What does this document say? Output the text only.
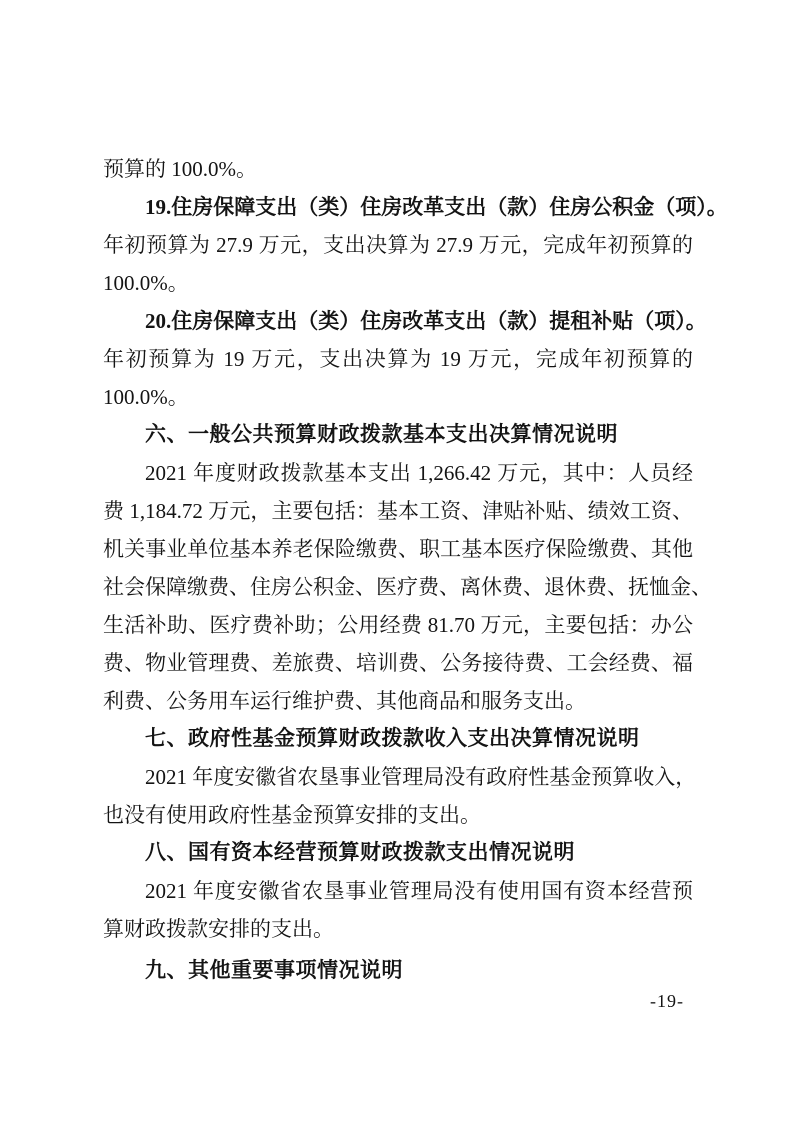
预算的 100.0%。
19.住房保障支出（类）住房改革支出（款）住房公积金（项）。
年初预算为 27.9 万元，支出决算为 27.9 万元，完成年初预算的
100.0%。
20.住房保障支出（类）住房改革支出（款）提租补贴（项）。
年初预算为 19 万元，支出决算为 19 万元，完成年初预算的
100.0%。
六、一般公共预算财政拨款基本支出决算情况说明
2021 年度财政拨款基本支出 1,266.42 万元，其中：人员经
费 1,184.72 万元，主要包括：基本工资、津贴补贴、绩效工资、
机关事业单位基本养老保险缴费、职工基本医疗保险缴费、其他
社会保障缴费、住房公积金、医疗费、离休费、退休费、抚恤金、
生活补助、医疗费补助；公用经费 81.70 万元，主要包括：办公
费、物业管理费、差旅费、培训费、公务接待费、工会经费、福
利费、公务用车运行维护费、其他商品和服务支出。
七、政府性基金预算财政拨款收入支出决算情况说明
2021 年度安徽省农垦事业管理局没有政府性基金预算收入，
也没有使用政府性基金预算安排的支出。
八、国有资本经营预算财政拨款支出情况说明
2021 年度安徽省农垦事业管理局没有使用国有资本经营预
算财政拨款安排的支出。
九、其他重要事项情况说明
-19-
